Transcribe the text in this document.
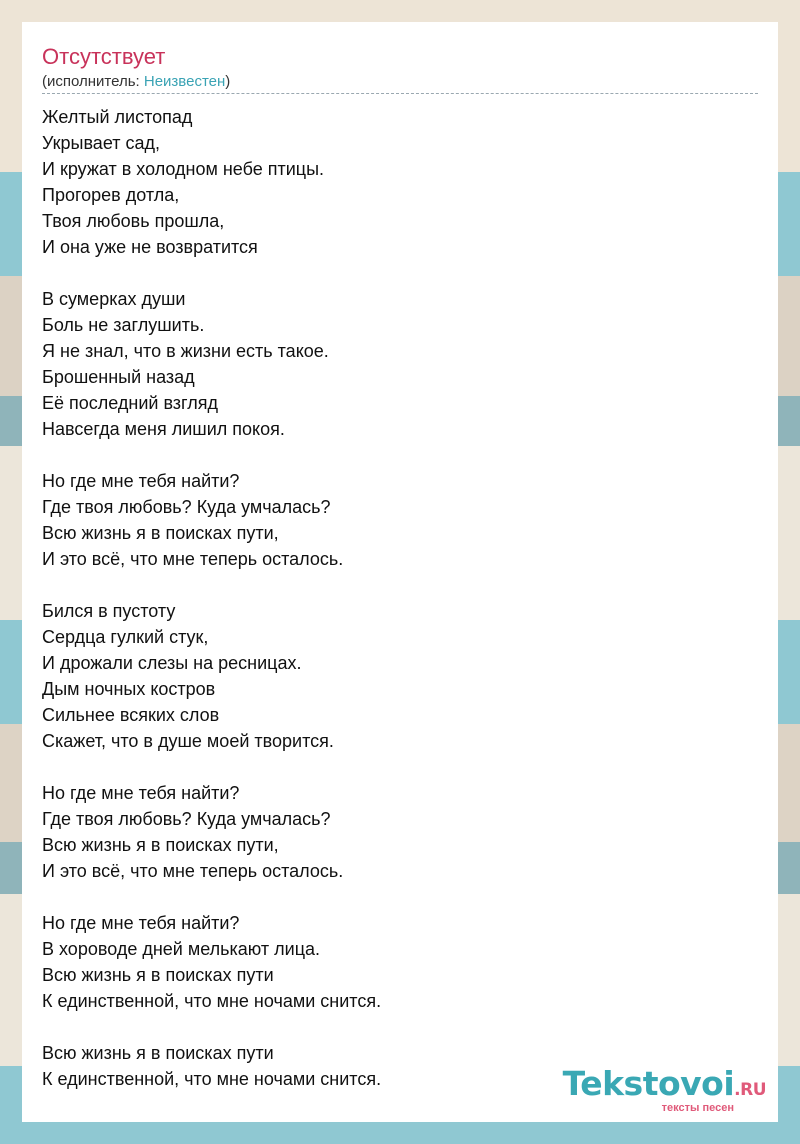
Отсутствует
(исполнитель: Неизвестен)
Желтый листопад
Укрывает сад,
И кружат в холодном небе птицы.
Прогорев дотла,
Твоя любовь прошла,
И она уже не возвратится
В сумерках души
Боль не заглушить.
Я не знал, что в жизни есть такое.
Брошенный назад
Её последний взгляд
Навсегда меня лишил покоя.
Но где мне тебя найти?
Где твоя любовь? Куда умчалась?
Всю жизнь я в поисках пути,
И это всё, что мне теперь осталось.
Бился в пустоту
Сердца гулкий стук,
И дрожали слезы на ресницах.
Дым ночных костров
Сильнее всяких слов
Скажет, что в душе моей творится.
Но где мне тебя найти?
Где твоя любовь? Куда умчалась?
Всю жизнь я в поисках пути,
И это всё, что мне теперь осталось.
Но где мне тебя найти?
В хороводе дней мелькают лица.
Всю жизнь я в поисках пути
К единственной, что мне ночами снится.
Всю жизнь я в поисках пути
К единственной, что мне ночами снится.	Tekstovoi.RU
тексты песен
